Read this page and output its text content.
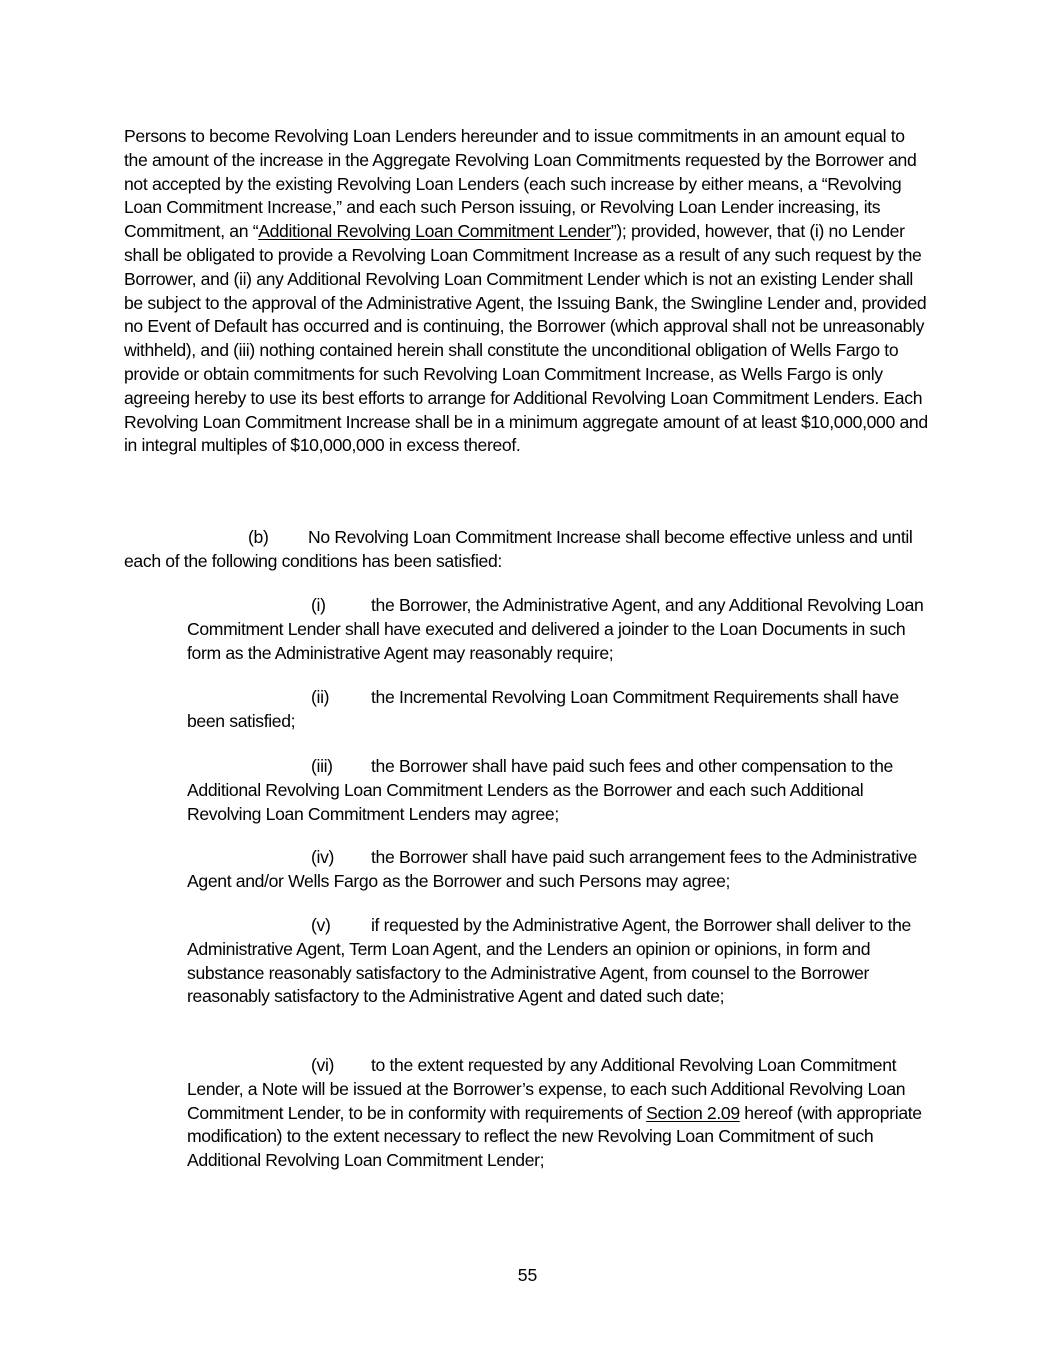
Persons to become Revolving Loan Lenders hereunder and to issue commitments in an amount equal to the amount of the increase in the Aggregate Revolving Loan Commitments requested by the Borrower and not accepted by the existing Revolving Loan Lenders (each such increase by either means, a “Revolving Loan Commitment Increase,” and each such Person issuing, or Revolving Loan Lender increasing, its Commitment, an “Additional Revolving Loan Commitment Lender”); provided, however, that (i) no Lender shall be obligated to provide a Revolving Loan Commitment Increase as a result of any such request by the Borrower, and (ii) any Additional Revolving Loan Commitment Lender which is not an existing Lender shall be subject to the approval of the Administrative Agent, the Issuing Bank, the Swingline Lender and, provided no Event of Default has occurred and is continuing, the Borrower (which approval shall not be unreasonably withheld), and (iii) nothing contained herein shall constitute the unconditional obligation of Wells Fargo to provide or obtain commitments for such Revolving Loan Commitment Increase, as Wells Fargo is only agreeing hereby to use its best efforts to arrange for Additional Revolving Loan Commitment Lenders. Each Revolving Loan Commitment Increase shall be in a minimum aggregate amount of at least $10,000,000 and in integral multiples of $10,000,000 in excess thereof.

(b) No Revolving Loan Commitment Increase shall become effective unless and until each of the following conditions has been satisfied:

(i)	the Borrower, the Administrative Agent, and any Additional Revolving Loan Commitment Lender shall have executed and delivered a joinder to the Loan Documents in such form as the Administrative Agent may reasonably require;

(ii) the Incremental Revolving Loan Commitment Requirements shall have been satisfied;

(iii) the Borrower shall have paid such fees and other compensation to the Additional Revolving Loan Commitment Lenders as the Borrower and each such Additional Revolving Loan Commitment Lenders may agree;

(iv) the Borrower shall have paid such arrangement fees to the Administrative Agent and/or Wells Fargo as the Borrower and such Persons may agree;

(v) if requested by the Administrative Agent, the Borrower shall deliver to the Administrative Agent, Term Loan Agent, and the Lenders an opinion or opinions, in form and substance reasonably satisfactory to the Administrative Agent, from counsel to the Borrower reasonably satisfactory to the Administrative Agent and dated such date;

(vi) to the extent requested by any Additional Revolving Loan Commitment Lender, a Note will be issued at the Borrower’s expense, to each such Additional Revolving Loan Commitment Lender, to be in conformity with requirements of Section 2.09 hereof (with appropriate modification) to the extent necessary to reflect the new Revolving Loan Commitment of such Additional Revolving Loan Commitment Lender;

55
